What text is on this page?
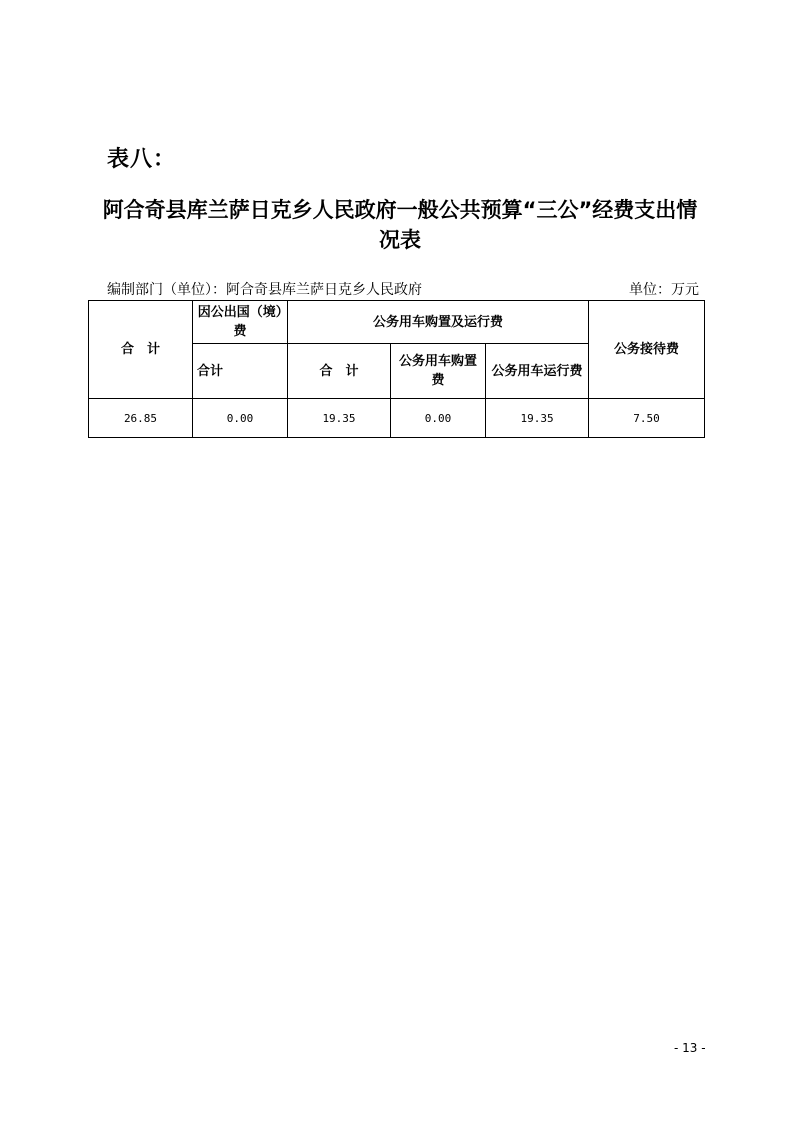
表八：
阿合奇县库兰萨日克乡人民政府一般公共预算“三公”经费支出情况表
编制部门（单位）：阿合奇县库兰萨日克乡人民政府	单位：万元
合　计	因公出国（境）费	公务用车购置及运行费			公务接待费
	合计	合　计	公务用车购置费	公务用车运行费	
26.85	0.00	19.35	0.00	19.35	7.50
- 13 -
